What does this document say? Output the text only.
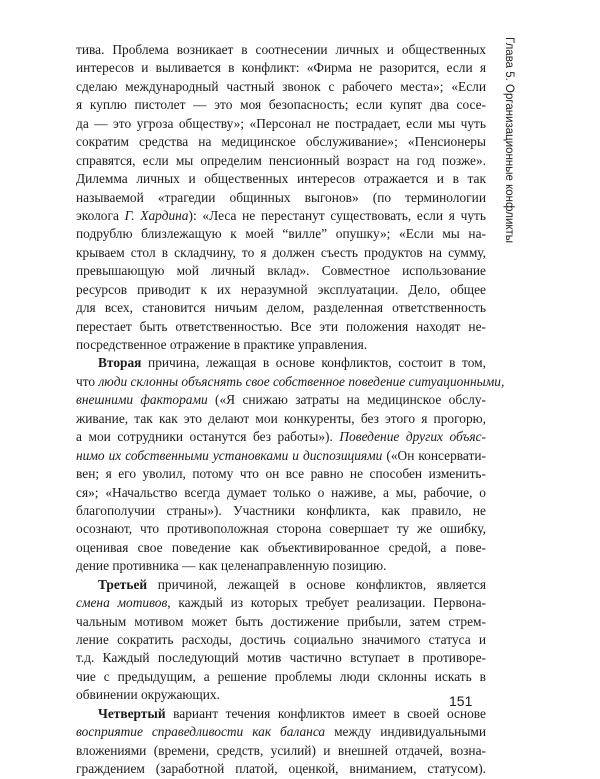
Глава 5. Организационные конфликты
тива. Проблема возникает в соотнесении личных и общественных
интересов и выливается в конфликт: «Фирма не разорится, если я
сделаю международный частный звонок с рабочего места»; «Если
я куплю пистолет — это моя безопасность; если купят два сосе-
да — это угроза обществу»; «Персонал не пострадает, если мы чуть
сократим средства на медицинское обслуживание»; «Пенсионеры
справятся, если мы определим пенсионный возраст на год позже».
Дилемма личных и общественных интересов отражается и в так
называемой «трагедии общинных выгонов» (по терминологии
эколога Г. Хардина): «Леса не перестанут существовать, если я чуть
подрублю близлежащую к моей “вилле” опушку»; «Если мы на-
крываем стол в складчину, то я должен съесть продуктов на сумму,
превышающую мой личный вклад». Совместное использование
ресурсов приводит к их неразумной эксплуатации. Дело, общее
для всех, становится ничьим делом, разделенная ответственность
перестает быть ответственностью. Все эти положения находят не-
посредственное отражение в практике управления.
Вторая причина, лежащая в основе конфликтов, состоит в том,
что люди склонны объяснять свое собственное поведение ситуационными,
внешними факторами («Я снижаю затраты на медицинское обслу-
живание, так как это делают мои конкуренты, без этого я прогорю,
а мои сотрудники останутся без работы»). Поведение других объяс-
нимо их собственными установками и диспозициями («Он консервати-
вен; я его уволил, потому что он все равно не способен изменить-
ся»; «Начальство всегда думает только о наживе, а мы, рабочие, о
благополучии страны»). Участники конфликта, как правило, не
осознают, что противоположная сторона совершает ту же ошибку,
оценивая свое поведение как объективированное средой, а пове-
дение противника — как целенаправленную позицию.
Третьей причиной, лежащей в основе конфликтов, является
смена мотивов, каждый из которых требует реализации. Первона-
чальным мотивом может быть достижение прибыли, затем стрем-
ление сократить расходы, достичь социально значимого статуса и
т.д. Каждый последующий мотив частично вступает в противоре-
чие с предыдущим, а решение проблемы люди склонны искать в
обвинении окружающих.
Четвертый вариант течения конфликтов имеет в своей основе
восприятие справедливости как баланса между индивидуальными
вложениями (времени, средств, усилий) и внешней отдачей, возна-
граждением (заработной платой, оценкой, вниманием, статусом).
151
